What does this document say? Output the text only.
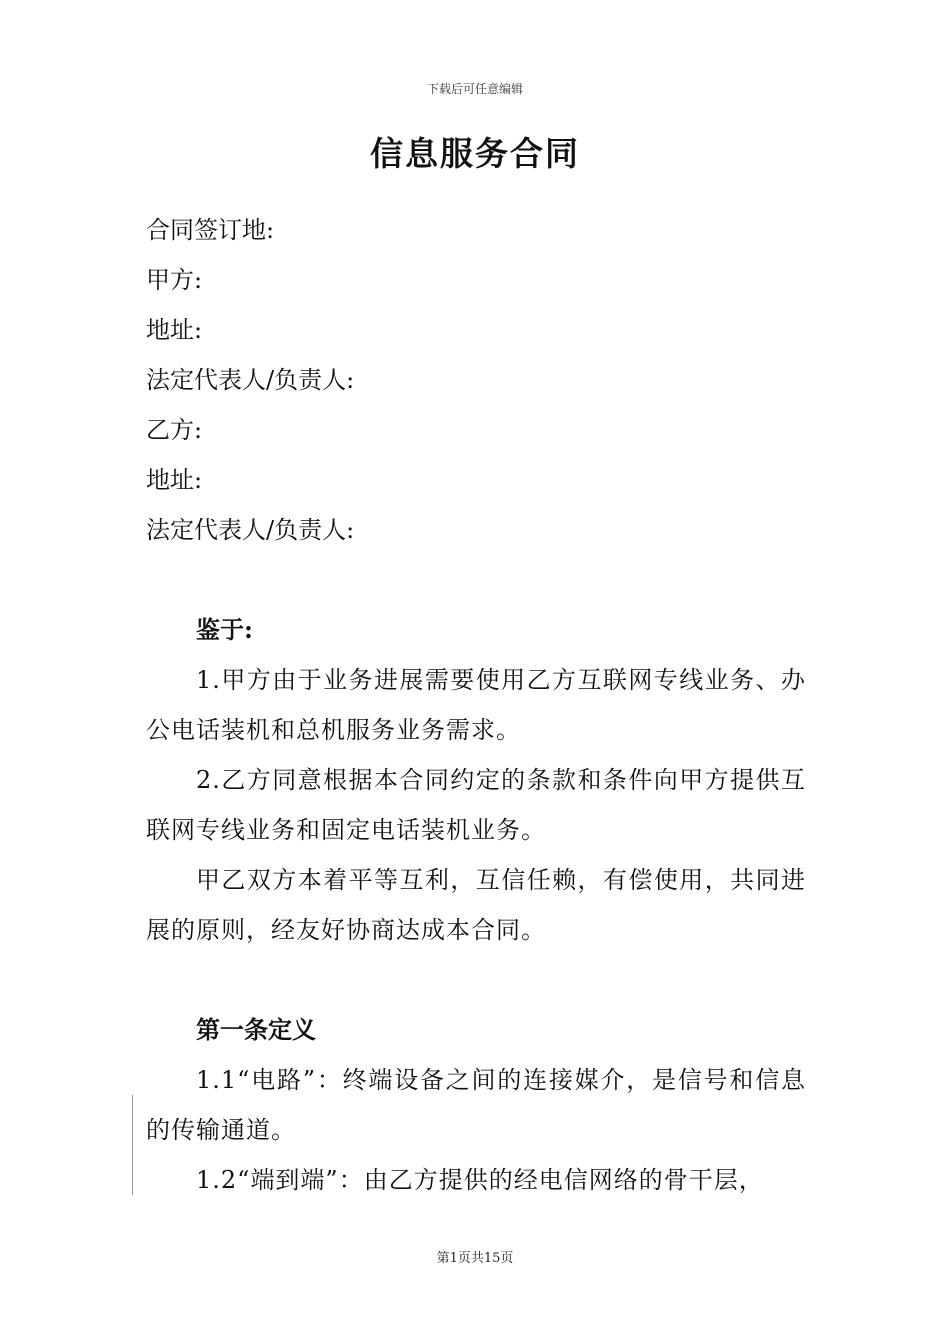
下载后可任意编辑
信息服务合同

合同签订地:

甲方:

地址:

法定代表人/负责人:

乙方:

地址:

法定代表人/负责人:

鉴于:

1.甲方由于业务进展需要使用乙方互联网专线业务、办公电话装机和总机服务业务需求。

2.乙方同意根据本合同约定的条款和条件向甲方提供互联网专线业务和固定电话装机业务。

甲乙双方本着平等互利，互信任赖，有偿使用，共同进展的原则，经友好协商达成本合同。

第一条定义

1.1“电路”：终端设备之间的连接媒介，是信号和信息的传输通道。

1.2“端到端”：由乙方提供的经电信网络的骨干层，

第1页共15页
